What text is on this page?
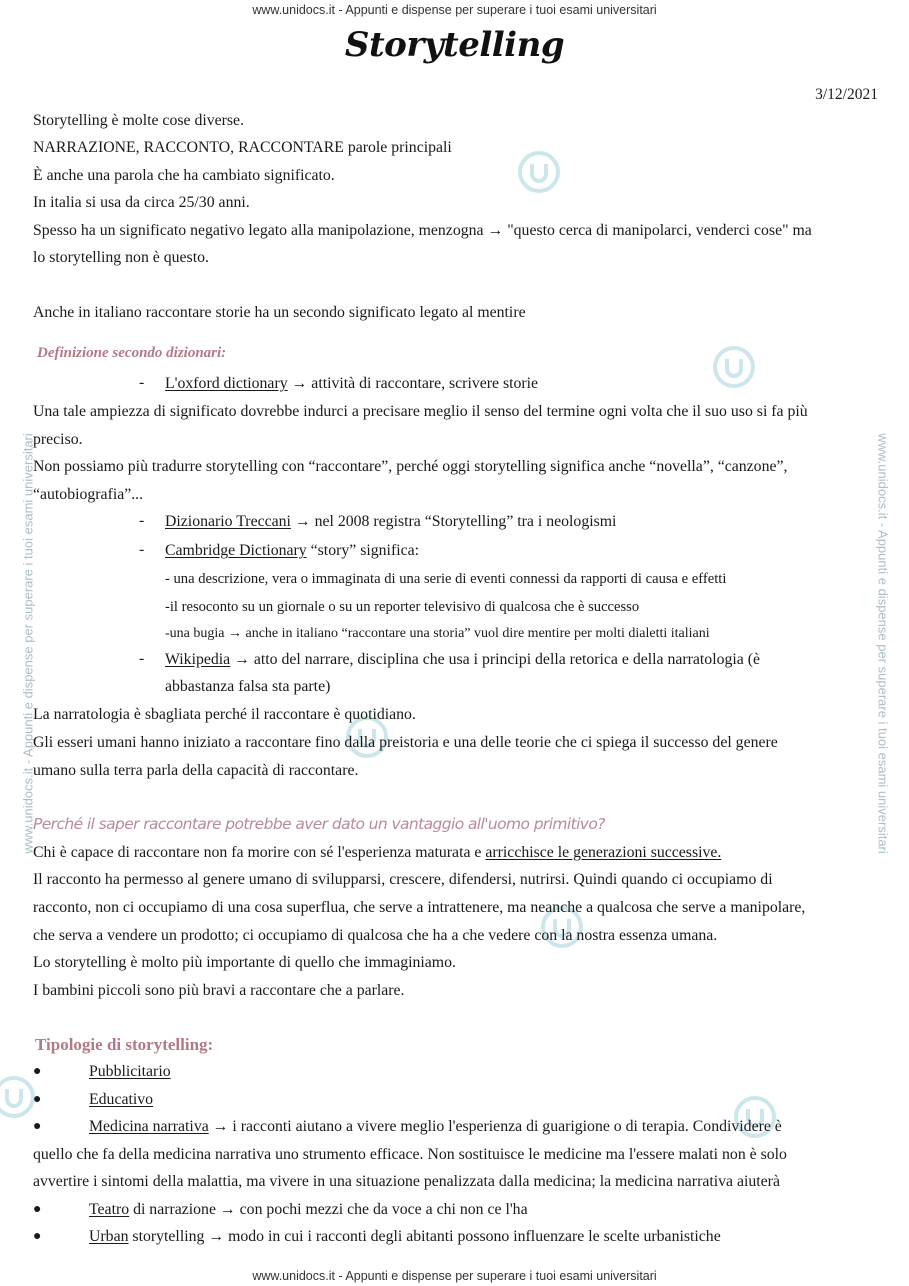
www.unidocs.it - Appunti e dispense per superare i tuoi esami universitari
www.unidocs.it - Appunti e dispense per superare i tuoi esami universitari
www.unidocs.it - Appunti e dispense per superare i tuoi esami universitari	www.unidocs.it - Appunti e dispense per superare i tuoi esami universitari
Storytelling
3/12/2021
Storytelling è molte cose diverse.
NARRAZIONE, RACCONTO, RACCONTARE parole principali
È anche una parola che ha cambiato significato.
In italia si usa da circa 25/30 anni.
Spesso ha un significato negativo legato alla manipolazione, menzogna → "questo cerca di manipolarci, venderci cose" ma
lo storytelling non è questo.
Anche in italiano raccontare storie ha un secondo significato legato al mentire
Definizione secondo dizionari:
- L'oxford dictionary → attività di raccontare, scrivere storie
Una tale ampiezza di significato dovrebbe indurci a precisare meglio il senso del termine ogni volta che il suo uso si fa più
preciso.
Non possiamo più tradurre storytelling con “raccontare”, perché oggi storytelling significa anche “novella”, “canzone”,
“autobiografia”...
- Dizionario Treccani → nel 2008 registra “Storytelling” tra i neologismi
- Cambridge Dictionary “story” significa:
- una descrizione, vera o immaginata di una serie di eventi connessi da rapporti di causa e effetti
-il resoconto su un giornale o su un reporter televisivo di qualcosa che è successo
-una bugia → anche in italiano “raccontare una storia” vuol dire mentire per molti dialetti italiani
- Wikipedia → atto del narrare, disciplina che usa i principi della retorica e della narratologia (è
abbastanza falsa sta parte)
La narratologia è sbagliata perché il raccontare è quotidiano.
Gli esseri umani hanno iniziato a raccontare fino dalla preistoria e una delle teorie che ci spiega il successo del genere
umano sulla terra parla della capacità di raccontare.
Perché il saper raccontare potrebbe aver dato un vantaggio all'uomo primitivo?
Chi è capace di raccontare non fa morire con sé l'esperienza maturata e arricchisce le generazioni successive.
Il racconto ha permesso al genere umano di svilupparsi, crescere, difendersi, nutrirsi. Quindi quando ci occupiamo di
racconto, non ci occupiamo di una cosa superflua, che serve a intrattenere, ma neanche a qualcosa che serve a manipolare,
che serva a vendere un prodotto; ci occupiamo di qualcosa che ha a che vedere con la nostra essenza umana.
Lo storytelling è molto più importante di quello che immaginiamo.
I bambini piccoli sono più bravi a raccontare che a parlare.
Tipologie di storytelling:
●	Pubblicitario
●	Educativo
●	Medicina narrativa → i racconti aiutano a vivere meglio l'esperienza di guarigione o di terapia. Condividere è
quello che fa della medicina narrativa uno strumento efficace. Non sostituisce le medicine ma l'essere malati non è solo
avvertire i sintomi della malattia, ma vivere in una situazione penalizzata dalla medicina; la medicina narrativa aiuterà
●	Teatro di narrazione → con pochi mezzi che da voce a chi non ce l'ha
●	Urban storytelling → modo in cui i racconti degli abitanti possono influenzare le scelte urbanistiche
